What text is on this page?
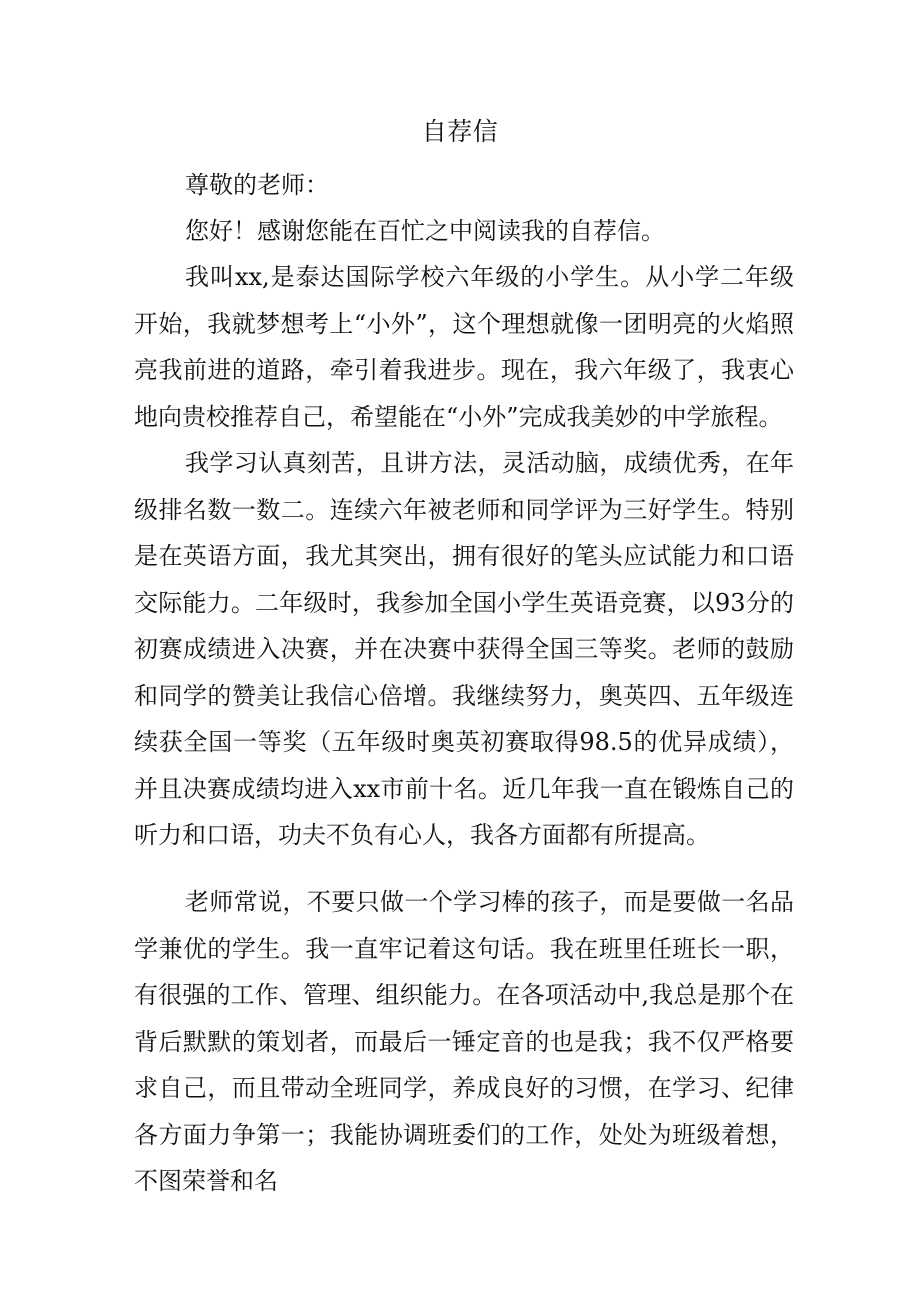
自荐信
尊敬的老师：

您好！感谢您能在百忙之中阅读我的自荐信。

我叫xx,是泰达国际学校六年级的小学生。从小学二年级开始，我就梦想考上“小外”，这个理想就像一团明亮的火焰照亮我前进的道路，牵引着我进步。现在，我六年级了，我衷心地向贵校推荐自己，希望能在“小外”完成我美妙的中学旅程。

我学习认真刻苦，且讲方法，灵活动脑，成绩优秀，在年级排名数一数二。连续六年被老师和同学评为三好学生。特别是在英语方面，我尤其突出，拥有很好的笔头应试能力和口语交际能力。二年级时，我参加全国小学生英语竞赛，以93分的初赛成绩进入决赛，并在决赛中获得全国三等奖。老师的鼓励和同学的赞美让我信心倍增。我继续努力，奥英四、五年级连续获全国一等奖（五年级时奥英初赛取得98.5的优异成绩），并且决赛成绩均进入xx市前十名。近几年我一直在锻炼自己的听力和口语，功夫不负有心人，我各方面都有所提高。

老师常说，不要只做一个学习棒的孩子，而是要做一名品学兼优的学生。我一直牢记着这句话。我在班里任班长一职，有很强的工作、管理、组织能力。在各项活动中,我总是那个在背后默默的策划者，而最后一锤定音的也是我；我不仅严格要求自己，而且带动全班同学，养成良好的习惯，在学习、纪律各方面力争第一；我能协调班委们的工作，处处为班级着想，不图荣誉和名
